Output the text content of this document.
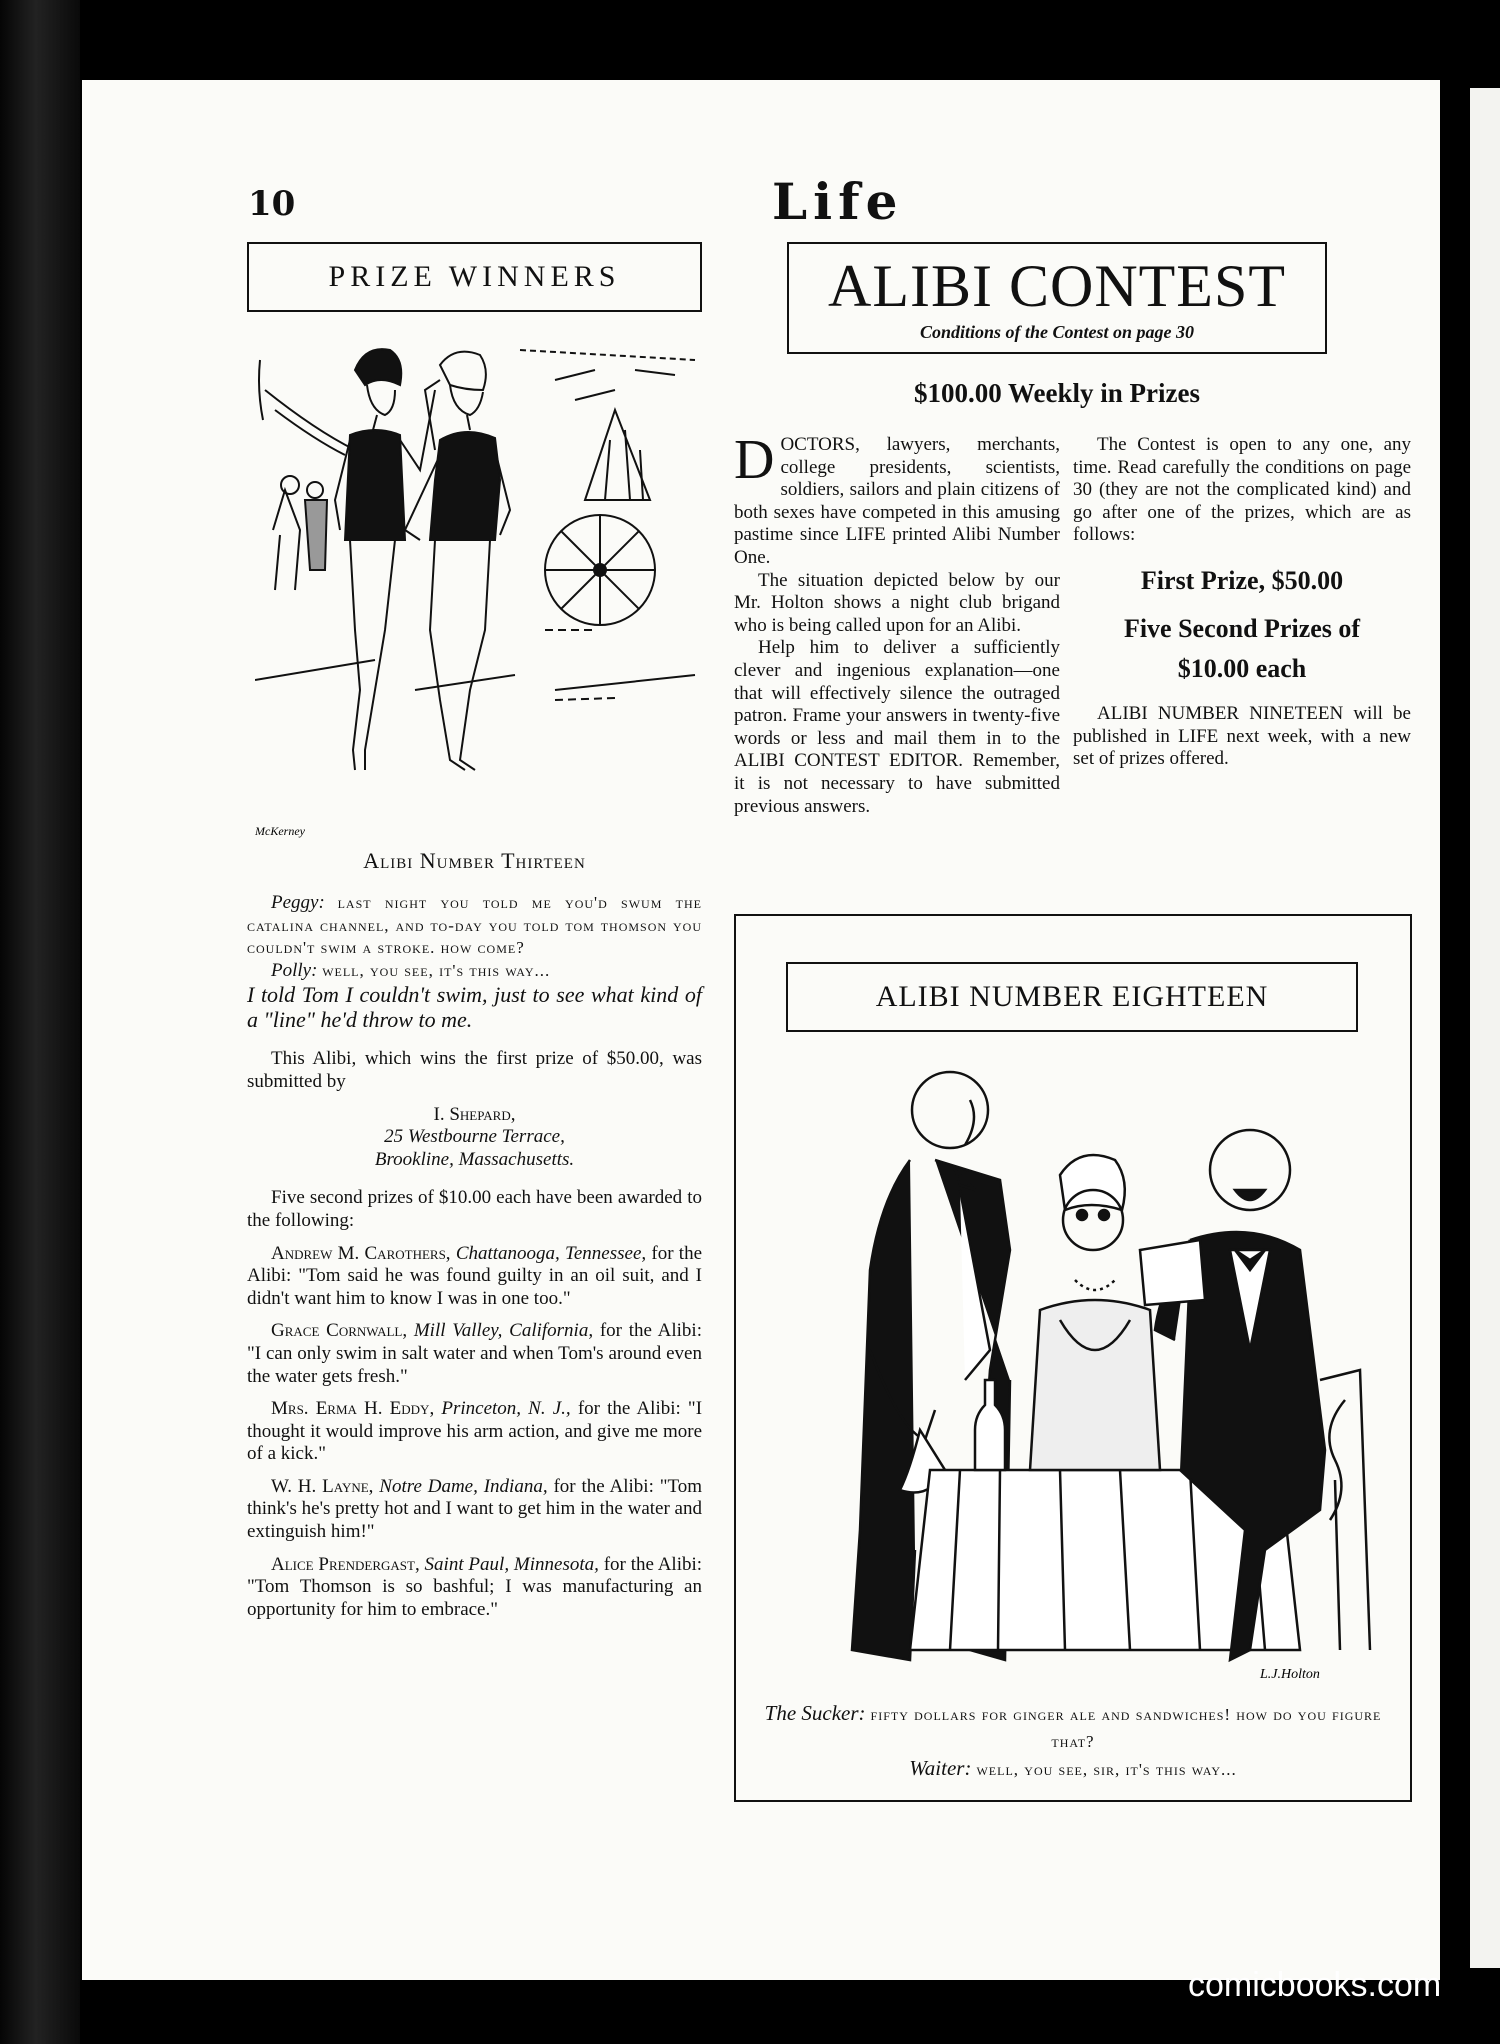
10	Life
PRIZE WINNERS
McKerney
Alibi Number Thirteen

Peggy: last night you told me you'd swum the catalina channel, and to-day you told tom thomson you couldn't swim a stroke. how come?

Polly: well, you see, it's this way...

I told Tom I couldn't swim, just to see what kind of a "line" he'd throw to me.

This Alibi, which wins the first prize of $50.00, was submitted by

I. Shepard,

25 Westbourne Terrace,

Brookline, Massachusetts.

Five second prizes of $10.00 each have been awarded to the following:

Andrew M. Carothers, Chattanooga, Tennessee, for the Alibi: "Tom said he was found guilty in an oil suit, and I didn't want him to know I was in one too."

Grace Cornwall, Mill Valley, California, for the Alibi: "I can only swim in salt water and when Tom's around even the water gets fresh."

Mrs. Erma H. Eddy, Princeton, N. J., for the Alibi: "I thought it would improve his arm action, and give me more of a kick."

W. H. Layne, Notre Dame, Indiana, for the Alibi: "Tom think's he's pretty hot and I want to get him in the water and extinguish him!"

Alice Prendergast, Saint Paul, Minnesota, for the Alibi: "Tom Thomson is so bashful; I was manufacturing an opportunity for him to embrace."

ALIBI CONTEST
Conditions of the Contest on page 30
$100.00 Weekly in Prizes

DOCTORS, lawyers, merchants, college presidents, scientists, soldiers, sailors and plain citizens of both sexes have competed in this amusing pastime since LIFE printed Alibi Number One.

The situation depicted below by our Mr. Holton shows a night club brigand who is being called upon for an Alibi.

Help him to deliver a sufficiently clever and ingenious explanation—one that will effectively silence the outraged patron. Frame your answers in twenty-five words or less and mail them in to the ALIBI CONTEST EDITOR. Remember, it is not necessary to have submitted previous answers.

The Contest is open to any one, any time. Read carefully the conditions on page 30 (they are not the complicated kind) and go after one of the prizes, which are as follows:

First Prize, $50.00

Five Second Prizes of

$10.00 each

ALIBI NUMBER NINETEEN will be published in LIFE next week, with a new set of prizes offered.

ALIBI NUMBER EIGHTEEN
L.J.Holton
The Sucker: fifty dollars for ginger ale and sandwiches! how do you figure that?
Waiter: well, you see, sir, it's this way...
comicbooks.com
